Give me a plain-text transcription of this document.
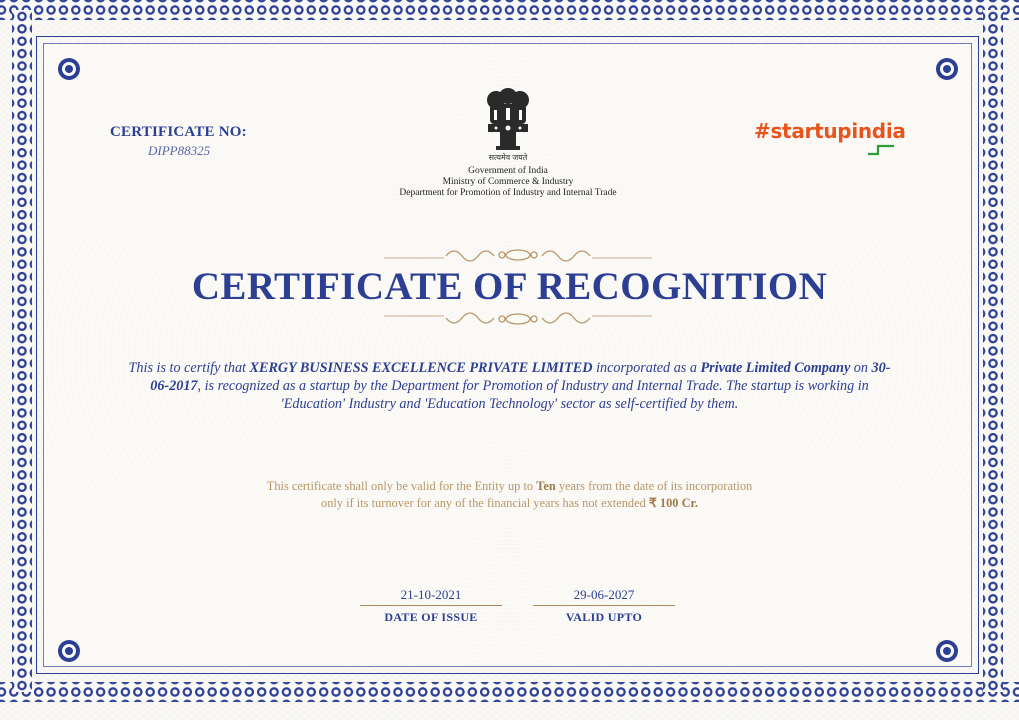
CERTIFICATE NO:
DIPP88325	सत्यमेव जयते
Government of India
Ministry of Commerce & Industry
Department for Promotion of Industry and Internal Trade
#startupindia
CERTIFICATE OF RECOGNITION
This is to certify that XERGY BUSINESS EXCELLENCE PRIVATE LIMITED incorporated as a Private Limited Company on 30-06-2017, is recognized as a startup by the Department for Promotion of Industry and Internal Trade. The startup is working in 'Education' Industry and 'Education Technology' sector as self-certified by them.
This certificate shall only be valid for the Entity up to Ten years from the date of its incorporation
only if its turnover for any of the financial years has not extended ₹ 100 Cr.
21-10-2021
DATE OF ISSUE
29-06-2027
VALID UPTO
